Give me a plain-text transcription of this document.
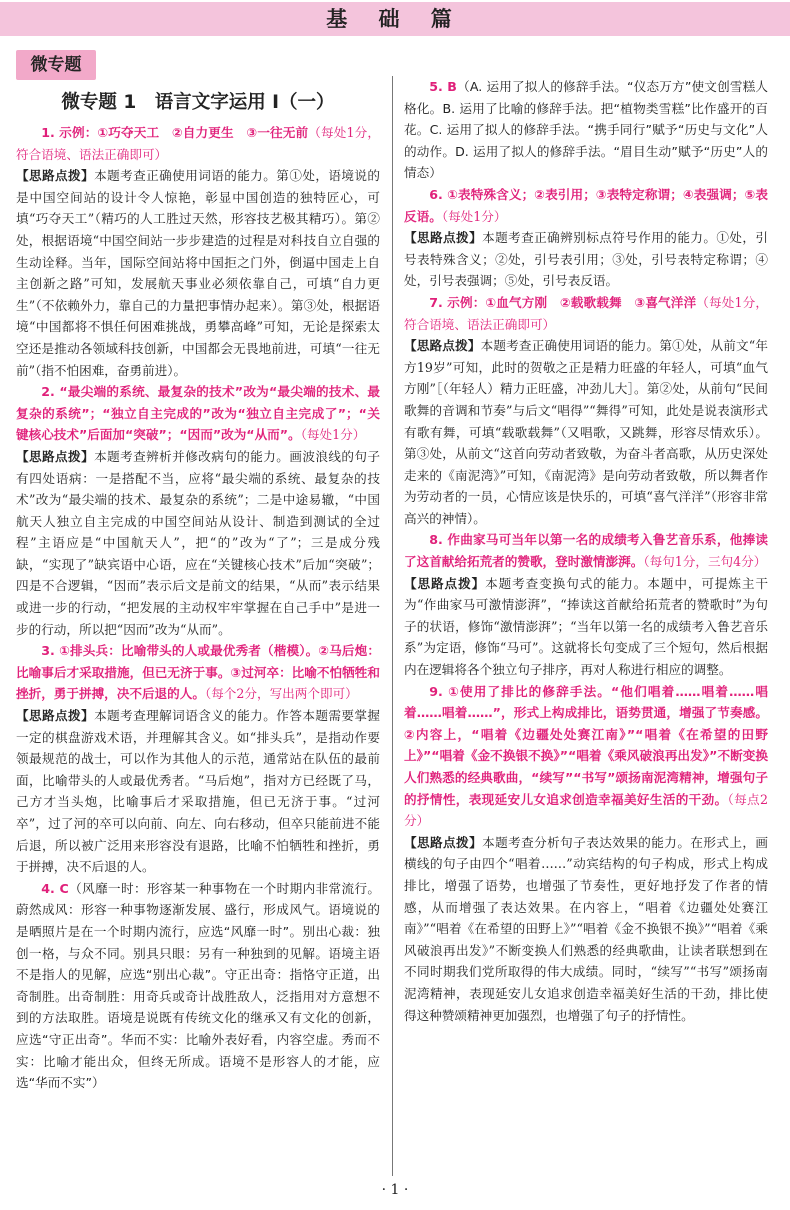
基 础 篇
微专题
微专题 1　语言文字运用 Ⅰ（一）

1. 示例：①巧夺天工　②自力更生　③一往无前（每处1分，符合语境、语法正确即可）

【思路点拨】本题考查正确使用词语的能力。第①处，语境说的是中国空间站的设计令人惊艳，彰显中国创造的独特匠心，可填“巧夺天工”（精巧的人工胜过天然，形容技艺极其精巧）。第②处，根据语境“中国空间站一步步建造的过程是对科技自立自强的生动诠释。当年，国际空间站将中国拒之门外，倒逼中国走上自主创新之路”可知，发展航天事业必须依靠自己，可填“自力更生”（不依赖外力，靠自己的力量把事情办起来）。第③处，根据语境“中国都将不惧任何困难挑战，勇攀高峰”可知，无论是探索太空还是推动各领域科技创新，中国都会无畏地前进，可填“一往无前”（指不怕困难，奋勇前进）。

2. “最尖端的系统、最复杂的技术”改为“最尖端的技术、最复杂的系统”；“独立自主完成的”改为“独立自主完成了”；“关键核心技术”后面加“突破”；“因而”改为“从而”。（每处1分）

【思路点拨】本题考查辨析并修改病句的能力。画波浪线的句子有四处语病：一是搭配不当，应将“最尖端的系统、最复杂的技术”改为“最尖端的技术、最复杂的系统”；二是中途易辙，“中国航天人独立自主完成的中国空间站从设计、制造到测试的全过程”主语应是“中国航天人”，把“的”改为“了”；三是成分残缺，“实现了”缺宾语中心语，应在“关键核心技术”后加“突破”；四是不合逻辑，“因而”表示后文是前文的结果，“从而”表示结果或进一步的行动，“把发展的主动权牢牢掌握在自己手中”是进一步的行动，所以把“因而”改为“从而”。

3. ①排头兵：比喻带头的人或最优秀者（楷模）。②马后炮：比喻事后才采取措施，但已无济于事。③过河卒：比喻不怕牺牲和挫折，勇于拼搏，决不后退的人。（每个2分，写出两个即可）

【思路点拨】本题考查理解词语含义的能力。作答本题需要掌握一定的棋盘游戏术语，并理解其含义。如“排头兵”，是指动作要领最规范的战士，可以作为其他人的示范，通常站在队伍的最前面，比喻带头的人或最优秀者。“马后炮”，指对方已经既了马，己方才当头炮，比喻事后才采取措施，但已无济于事。“过河卒”，过了河的卒可以向前、向左、向右移动，但卒只能前进不能后退，所以被广泛用来形容没有退路，比喻不怕牺牲和挫折，勇于拼搏，决不后退的人。

4. C（风靡一时：形容某一种事物在一个时期内非常流行。蔚然成风：形容一种事物逐渐发展、盛行，形成风气。语境说的是晒照片是在一个时期内流行，应选“风靡一时”。别出心裁：独创一格，与众不同。别具只眼：另有一种独到的见解。语境主语不是指人的见解，应选“别出心裁”。守正出奇：指恪守正道，出奇制胜。出奇制胜：用奇兵或奇计战胜敌人，泛指用对方意想不到的方法取胜。语境是说既有传统文化的继承又有文化的创新，应选“守正出奇”。华而不实：比喻外表好看，内容空虚。秀而不实：比喻才能出众，但终无所成。语境不是形容人的才能，应选“华而不实”）

5. B（A. 运用了拟人的修辞手法。“仪态万方”使文创雪糕人格化。B. 运用了比喻的修辞手法。把“植物类雪糕”比作盛开的百花。C. 运用了拟人的修辞手法。“携手同行”赋予“历史与文化”人的动作。D. 运用了拟人的修辞手法。“眉目生动”赋予“历史”人的情态）

6. ①表特殊含义；②表引用；③表特定称谓；④表强调；⑤表反语。（每处1分）

【思路点拨】本题考查正确辨别标点符号作用的能力。①处，引号表特殊含义；②处，引号表引用；③处，引号表特定称谓；④处，引号表强调；⑤处，引号表反语。

7. 示例：①血气方刚　②载歌载舞　③喜气洋洋（每处1分，符合语境、语法正确即可）

【思路点拨】本题考查正确使用词语的能力。第①处，从前文“年方19岁”可知，此时的贺敬之正是精力旺盛的年轻人，可填“血气方刚”［（年轻人）精力正旺盛，冲劲儿大］。第②处，从前句“民间歌舞的音调和节奏”与后文“唱得”“舞得”可知，此处是说表演形式有歌有舞，可填“载歌载舞”（又唱歌，又跳舞，形容尽情欢乐）。第③处，从前文“这首向劳动者致敬，为奋斗者高歌，从历史深处走来的《南泥湾》”可知，《南泥湾》是向劳动者致敬，所以舞者作为劳动者的一员，心情应该是快乐的，可填“喜气洋洋”（形容非常高兴的神情）。

8. 作曲家马可当年以第一名的成绩考入鲁艺音乐系，他捧读了这首献给拓荒者的赞歌，登时激情澎湃。（每句1分，三句4分）

【思路点拨】本题考查变换句式的能力。本题中，可提炼主干为“作曲家马可激情澎湃”，“捧读这首献给拓荒者的赞歌时”为句子的状语，修饰“激情澎湃”；“当年以第一名的成绩考入鲁艺音乐系”为定语，修饰“马可”。这就将长句变成了三个短句，然后根据内在逻辑将各个独立句子排序，再对人称进行相应的调整。

9. ①使用了排比的修辞手法。“他们唱着……唱着……唱着……唱着……”，形式上构成排比，语势贯通，增强了节奏感。②内容上，“唱着《边疆处处赛江南》”“唱着《在希望的田野上》”“唱着《金不换银不换》”“唱着《乘风破浪再出发》”不断变换人们熟悉的经典歌曲，“续写”“书写”颂扬南泥湾精神，增强句子的抒情性，表现延安儿女追求创造幸福美好生活的干劲。（每点2分）

【思路点拨】本题考查分析句子表达效果的能力。在形式上，画横线的句子由四个“唱着……”动宾结构的句子构成，形式上构成排比，增强了语势，也增强了节奏性，更好地抒发了作者的情感，从而增强了表达效果。在内容上，“唱着《边疆处处赛江南》”“唱着《在希望的田野上》”“唱着《金不换银不换》”“唱着《乘风破浪再出发》”不断变换人们熟悉的经典歌曲，让读者联想到在不同时期我们党所取得的伟大成绩。同时，“续写”“书写”颂扬南泥湾精神，表现延安儿女追求创造幸福美好生活的干劲，排比使得这种赞颂精神更加强烈，也增强了句子的抒情性。

· 1 ·
